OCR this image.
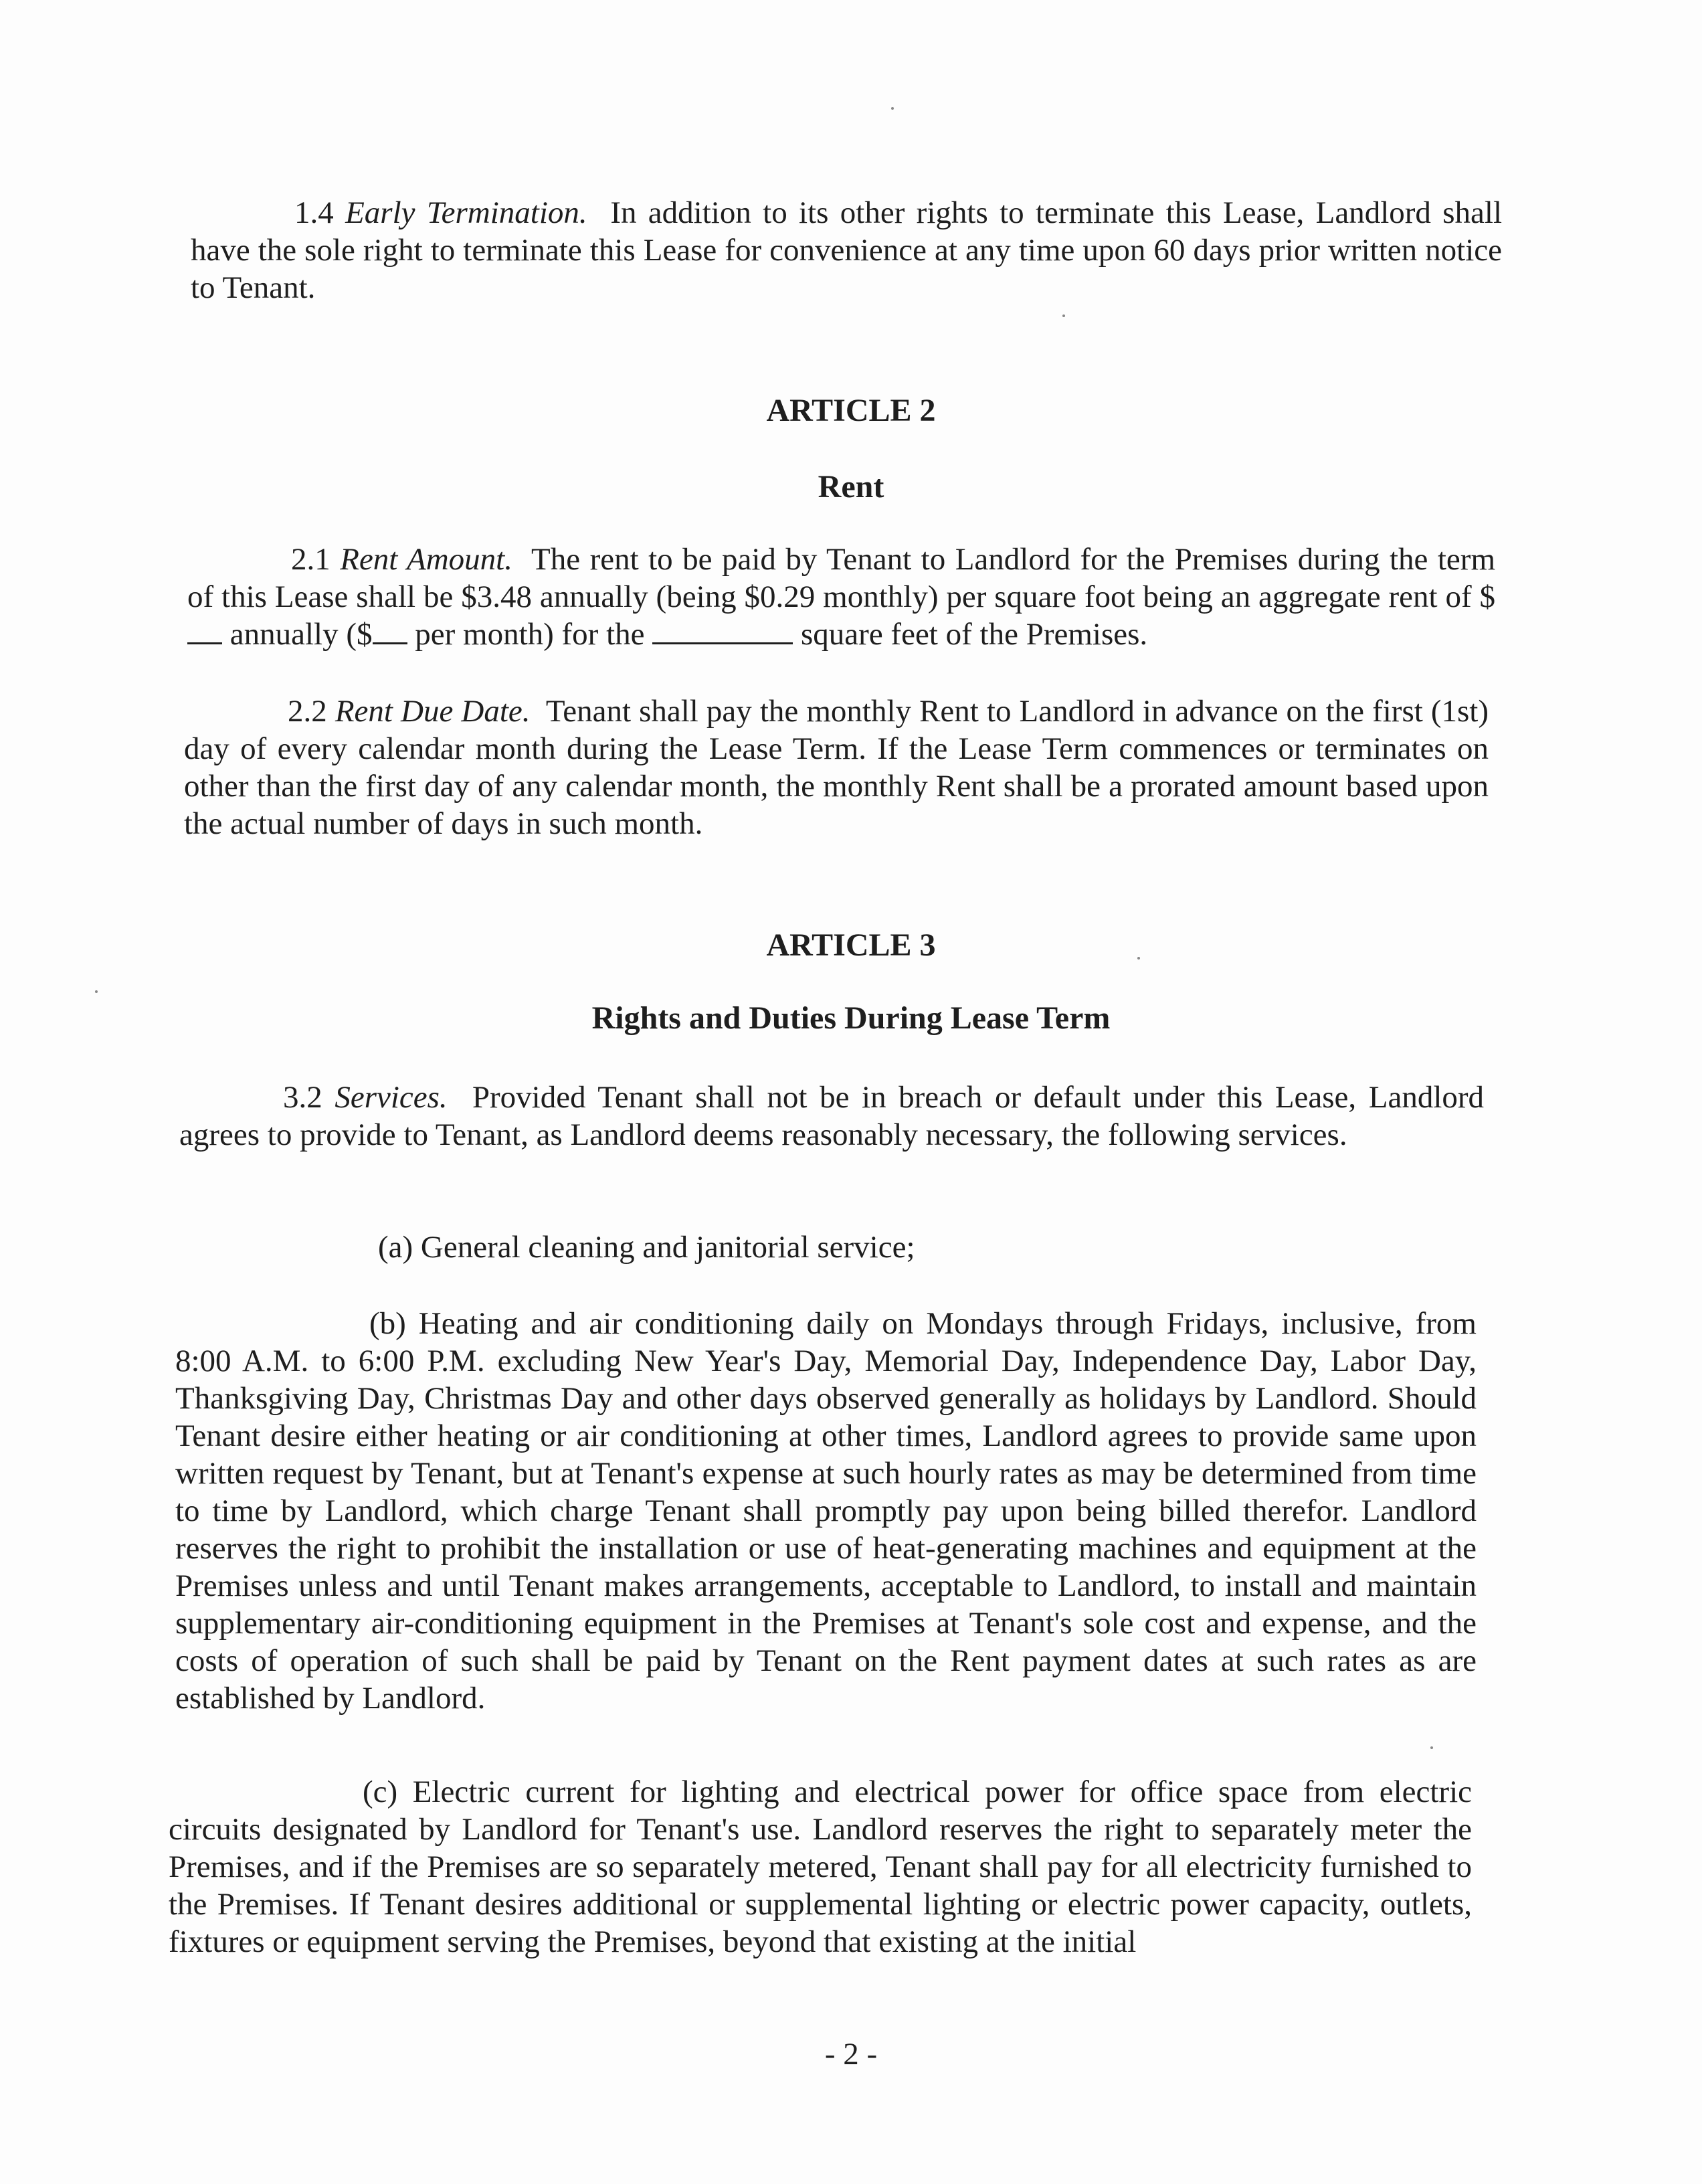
1.4 Early Termination. In addition to its other rights to terminate this Lease, Landlord shall have the sole right to terminate this Lease for convenience at any time upon 60 days prior written notice to Tenant.

ARTICLE 2
Rent

2.1 Rent Amount. The rent to be paid by Tenant to Landlord for the Premises during the term of this Lease shall be $3.48 annually (being $0.29 monthly) per square foot being an aggregate rent of $ annually ($ per month) for the	square feet of the Premises.

2.2 Rent Due Date. Tenant shall pay the monthly Rent to Landlord in advance on the first (1st) day of every calendar month during the Lease Term. If the Lease Term commences or terminates on other than the first day of any calendar month, the monthly Rent shall be a prorated amount based upon the actual number of days in such month.

ARTICLE 3
Rights and Duties During Lease Term

3.2 Services. Provided Tenant shall not be in breach or default under this Lease, Landlord agrees to provide to Tenant, as Landlord deems reasonably necessary, the following services.

(a) General cleaning and janitorial service;

(b) Heating and air conditioning daily on Mondays through Fridays, inclusive, from 8:00 A.M. to 6:00 P.M. excluding New Year's Day, Memorial Day, Independence Day, Labor Day, Thanksgiving Day, Christmas Day and other days observed generally as holidays by Landlord. Should Tenant desire either heating or air conditioning at other times, Landlord agrees to provide same upon written request by Tenant, but at Tenant's expense at such hourly rates as may be determined from time to time by Landlord, which charge Tenant shall promptly pay upon being billed therefor. Landlord reserves the right to prohibit the installation or use of heat-generating machines and equipment at the Premises unless and until Tenant makes arrangements, acceptable to Landlord, to install and maintain supplementary air-conditioning equipment in the Premises at Tenant's sole cost and expense, and the costs of operation of such shall be paid by Tenant on the Rent payment dates at such rates as are established by Landlord.

(c) Electric current for lighting and electrical power for office space from electric circuits designated by Landlord for Tenant's use. Landlord reserves the right to separately meter the Premises, and if the Premises are so separately metered, Tenant shall pay for all electricity furnished to the Premises. If Tenant desires additional or supplemental lighting or electric power capacity, outlets, fixtures or equipment serving the Premises, beyond that existing at the initial

- 2 -
